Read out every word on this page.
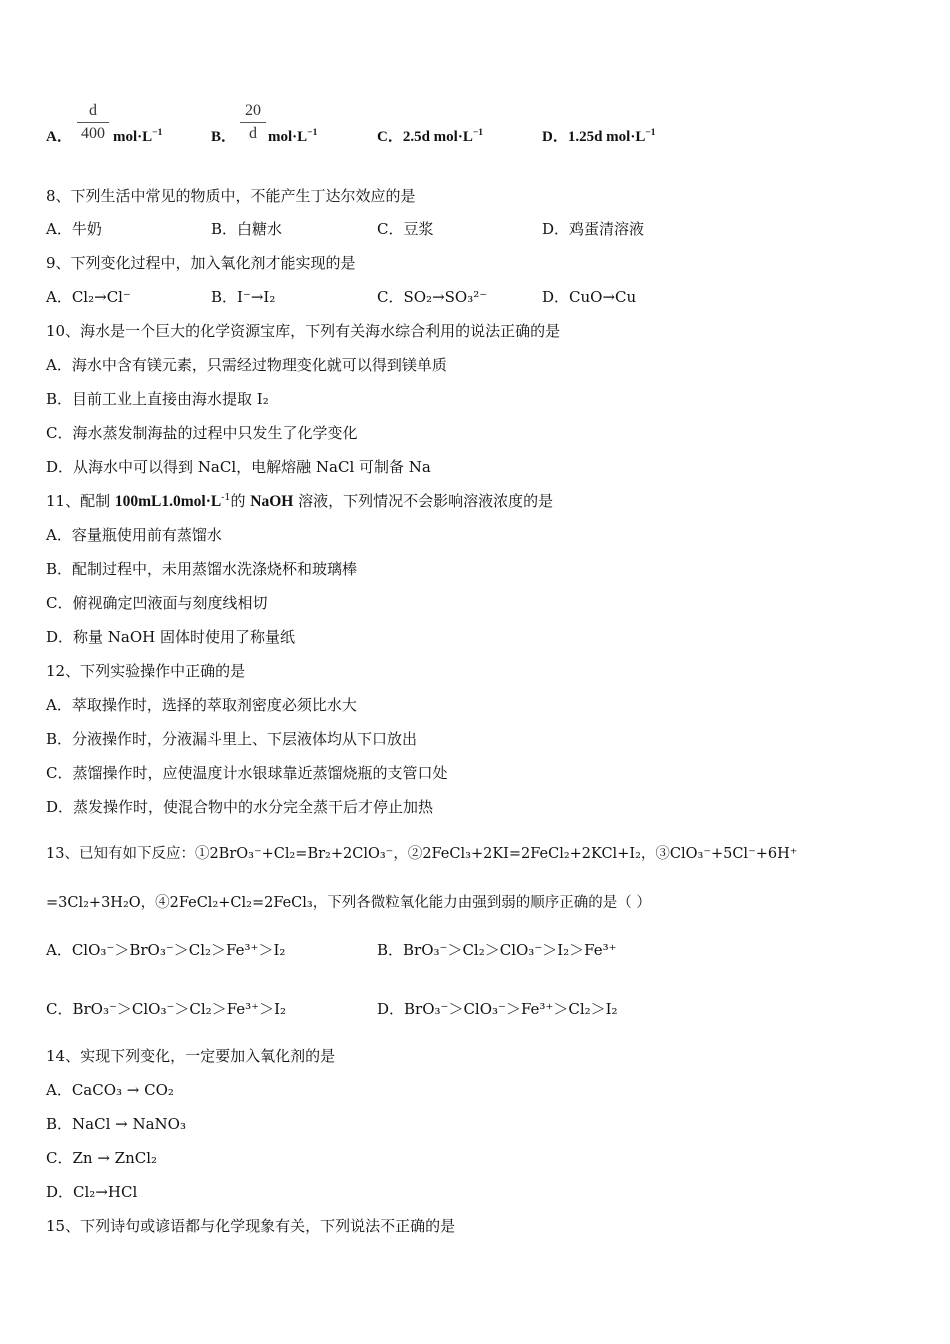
A．
d
400 $mol\cdot L^{-1}$	B．
20
d $mol\cdot L^{-1}$	C．2.5d $mol\cdot L^{-1}$	D．1.25d $mol\cdot L^{-1}$
8、下列生活中常见的物质中，不能产生丁达尔效应的是
A．牛奶	B．白糖水	C．豆浆	D．鸡蛋清溶液
9、下列变化过程中，加入氧化剂才能实现的是
A．Cl₂→Cl⁻	B．I⁻→I₂	C．SO₂→SO₃²⁻	D．CuO→Cu
10、海水是一个巨大的化学资源宝库，下列有关海水综合利用的说法正确的是
A．海水中含有镁元素，只需经过物理变化就可以得到镁单质
B．目前工业上直接由海水提取 I₂
C．海水蒸发制海盐的过程中只发生了化学变化
D．从海水中可以得到 NaCl，电解熔融 NaCl 可制备 Na
11、配制 $100mL1.0mol\cdot L^{-1}$的 NaOH 溶液，下列情况不会影响溶液浓度的是
A．容量瓶使用前有蒸馏水
B．配制过程中，未用蒸馏水洗涤烧杯和玻璃棒
C．俯视确定凹液面与刻度线相切
D．称量 NaOH 固体时使用了称量纸
12、下列实验操作中正确的是
A．萃取操作时，选择的萃取剂密度必须比水大
B．分液操作时，分液漏斗里上、下层液体均从下口放出
C．蒸馏操作时，应使温度计水银球靠近蒸馏烧瓶的支管口处
D．蒸发操作时，使混合物中的水分完全蒸干后才停止加热
13、已知有如下反应：①2BrO₃⁻+Cl₂=Br₂+2ClO₃⁻，②2FeCl₃+2KI=2FeCl₂+2KCl+I₂，③ClO₃⁻+5Cl⁻+6H⁺
=3Cl₂+3H₂O，④2FeCl₂+Cl₂=2FeCl₃，下列各微粒氧化能力由强到弱的顺序正确的是（ ）
A．ClO₃⁻＞BrO₃⁻＞Cl₂＞Fe³⁺＞I₂	B．BrO₃⁻＞Cl₂＞ClO₃⁻＞I₂＞Fe³⁺
C．BrO₃⁻＞ClO₃⁻＞Cl₂＞Fe³⁺＞I₂	D．BrO₃⁻＞ClO₃⁻＞Fe³⁺＞Cl₂＞I₂
14、实现下列变化，一定要加入氧化剂的是
A．CaCO₃ → CO₂
B．NaCl → NaNO₃
C．Zn → ZnCl₂
D．Cl₂→HCl
15、下列诗句或谚语都与化学现象有关，下列说法不正确的是
